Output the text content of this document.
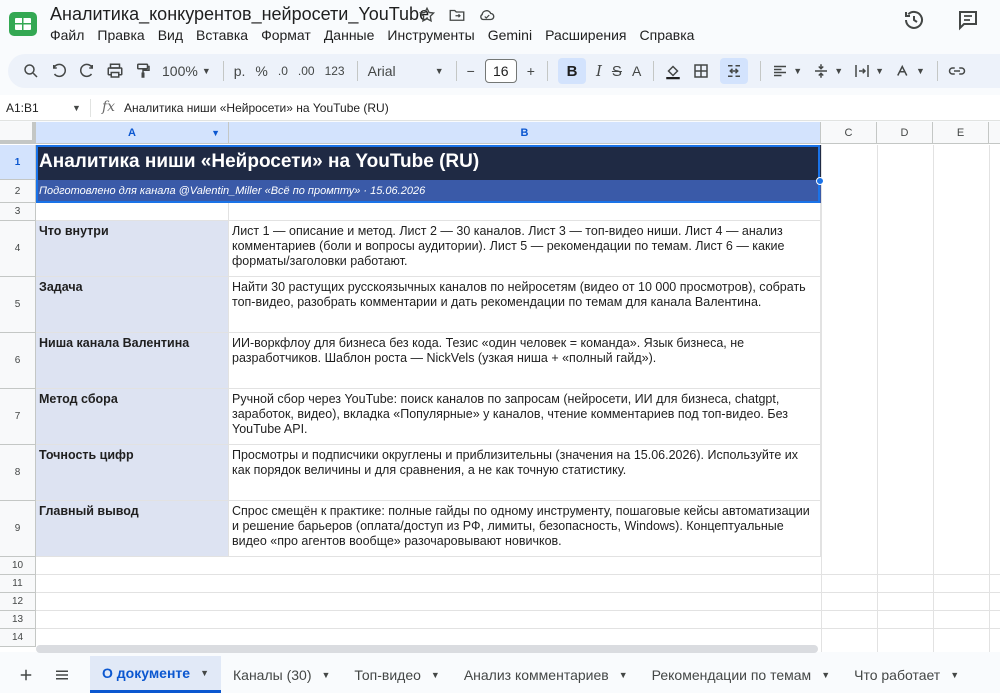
Аналитика_конкурентов_нейросети_YouTube
Файл Правка Вид Вставка Формат Данные Инструменты Gemini Расширения Справка
100% ▼ р. % .0 .00 123 Arial	▼ −	16	+ B I S A	▼	▼	▼	▼
A1:B1	▼ fx Аналитика ниши «Нейросети» на YouTube (RU)
A	▼	B	C	D	E
1
2
3
4
5
6
7
8
9
10
11
12
13
14
Аналитика ниши «Нейросети» на YouTube (RU)
Подготовлено для канала @Valentin_Miller «Всё по промпту» · 15.06.2026
Что внутри	Лист 1 — описание и метод. Лист 2 — 30 каналов. Лист 3 — топ-видео ниши. Лист 4 — анализ комментариев (боли и вопросы аудитории). Лист 5 — рекомендации по темам. Лист 6 — какие форматы/заголовки работают.
Задача	Найти 30 растущих русскоязычных каналов по нейросетям (видео от 10 000 просмотров), собрать топ-видео, разобрать комментарии и дать рекомендации по темам для канала Валентина.
Ниша канала Валентина	ИИ-воркфлоу для бизнеса без кода. Тезис «один человек = команда». Язык бизнеса, не разработчиков. Шаблон роста — NickVels (узкая ниша + «полный гайд»).
Метод сбора	Ручной сбор через YouTube: поиск каналов по запросам (нейросети, ИИ для бизнеса, chatgpt, заработок, видео), вкладка «Популярные» у каналов, чтение комментариев под топ-видео. Без YouTube API.
Точность цифр	Просмотры и подписчики округлены и приблизительны (значения на 15.06.2026). Используйте их как порядок величины и для сравнения, а не как точную статистику.
Главный вывод	Спрос смещён к практике: полные гайды по одному инструменту, пошаговые кейсы автоматизации и решение барьеров (оплата/доступ из РФ, лимиты, безопасность, Windows). Концептуальные видео «про агентов вообще» разочаровывают новичков.
О документе ▼ Каналы (30) ▼ Топ-видео ▼ Анализ комментариев ▼ Рекомендации по темам ▼ Что работает ▼
